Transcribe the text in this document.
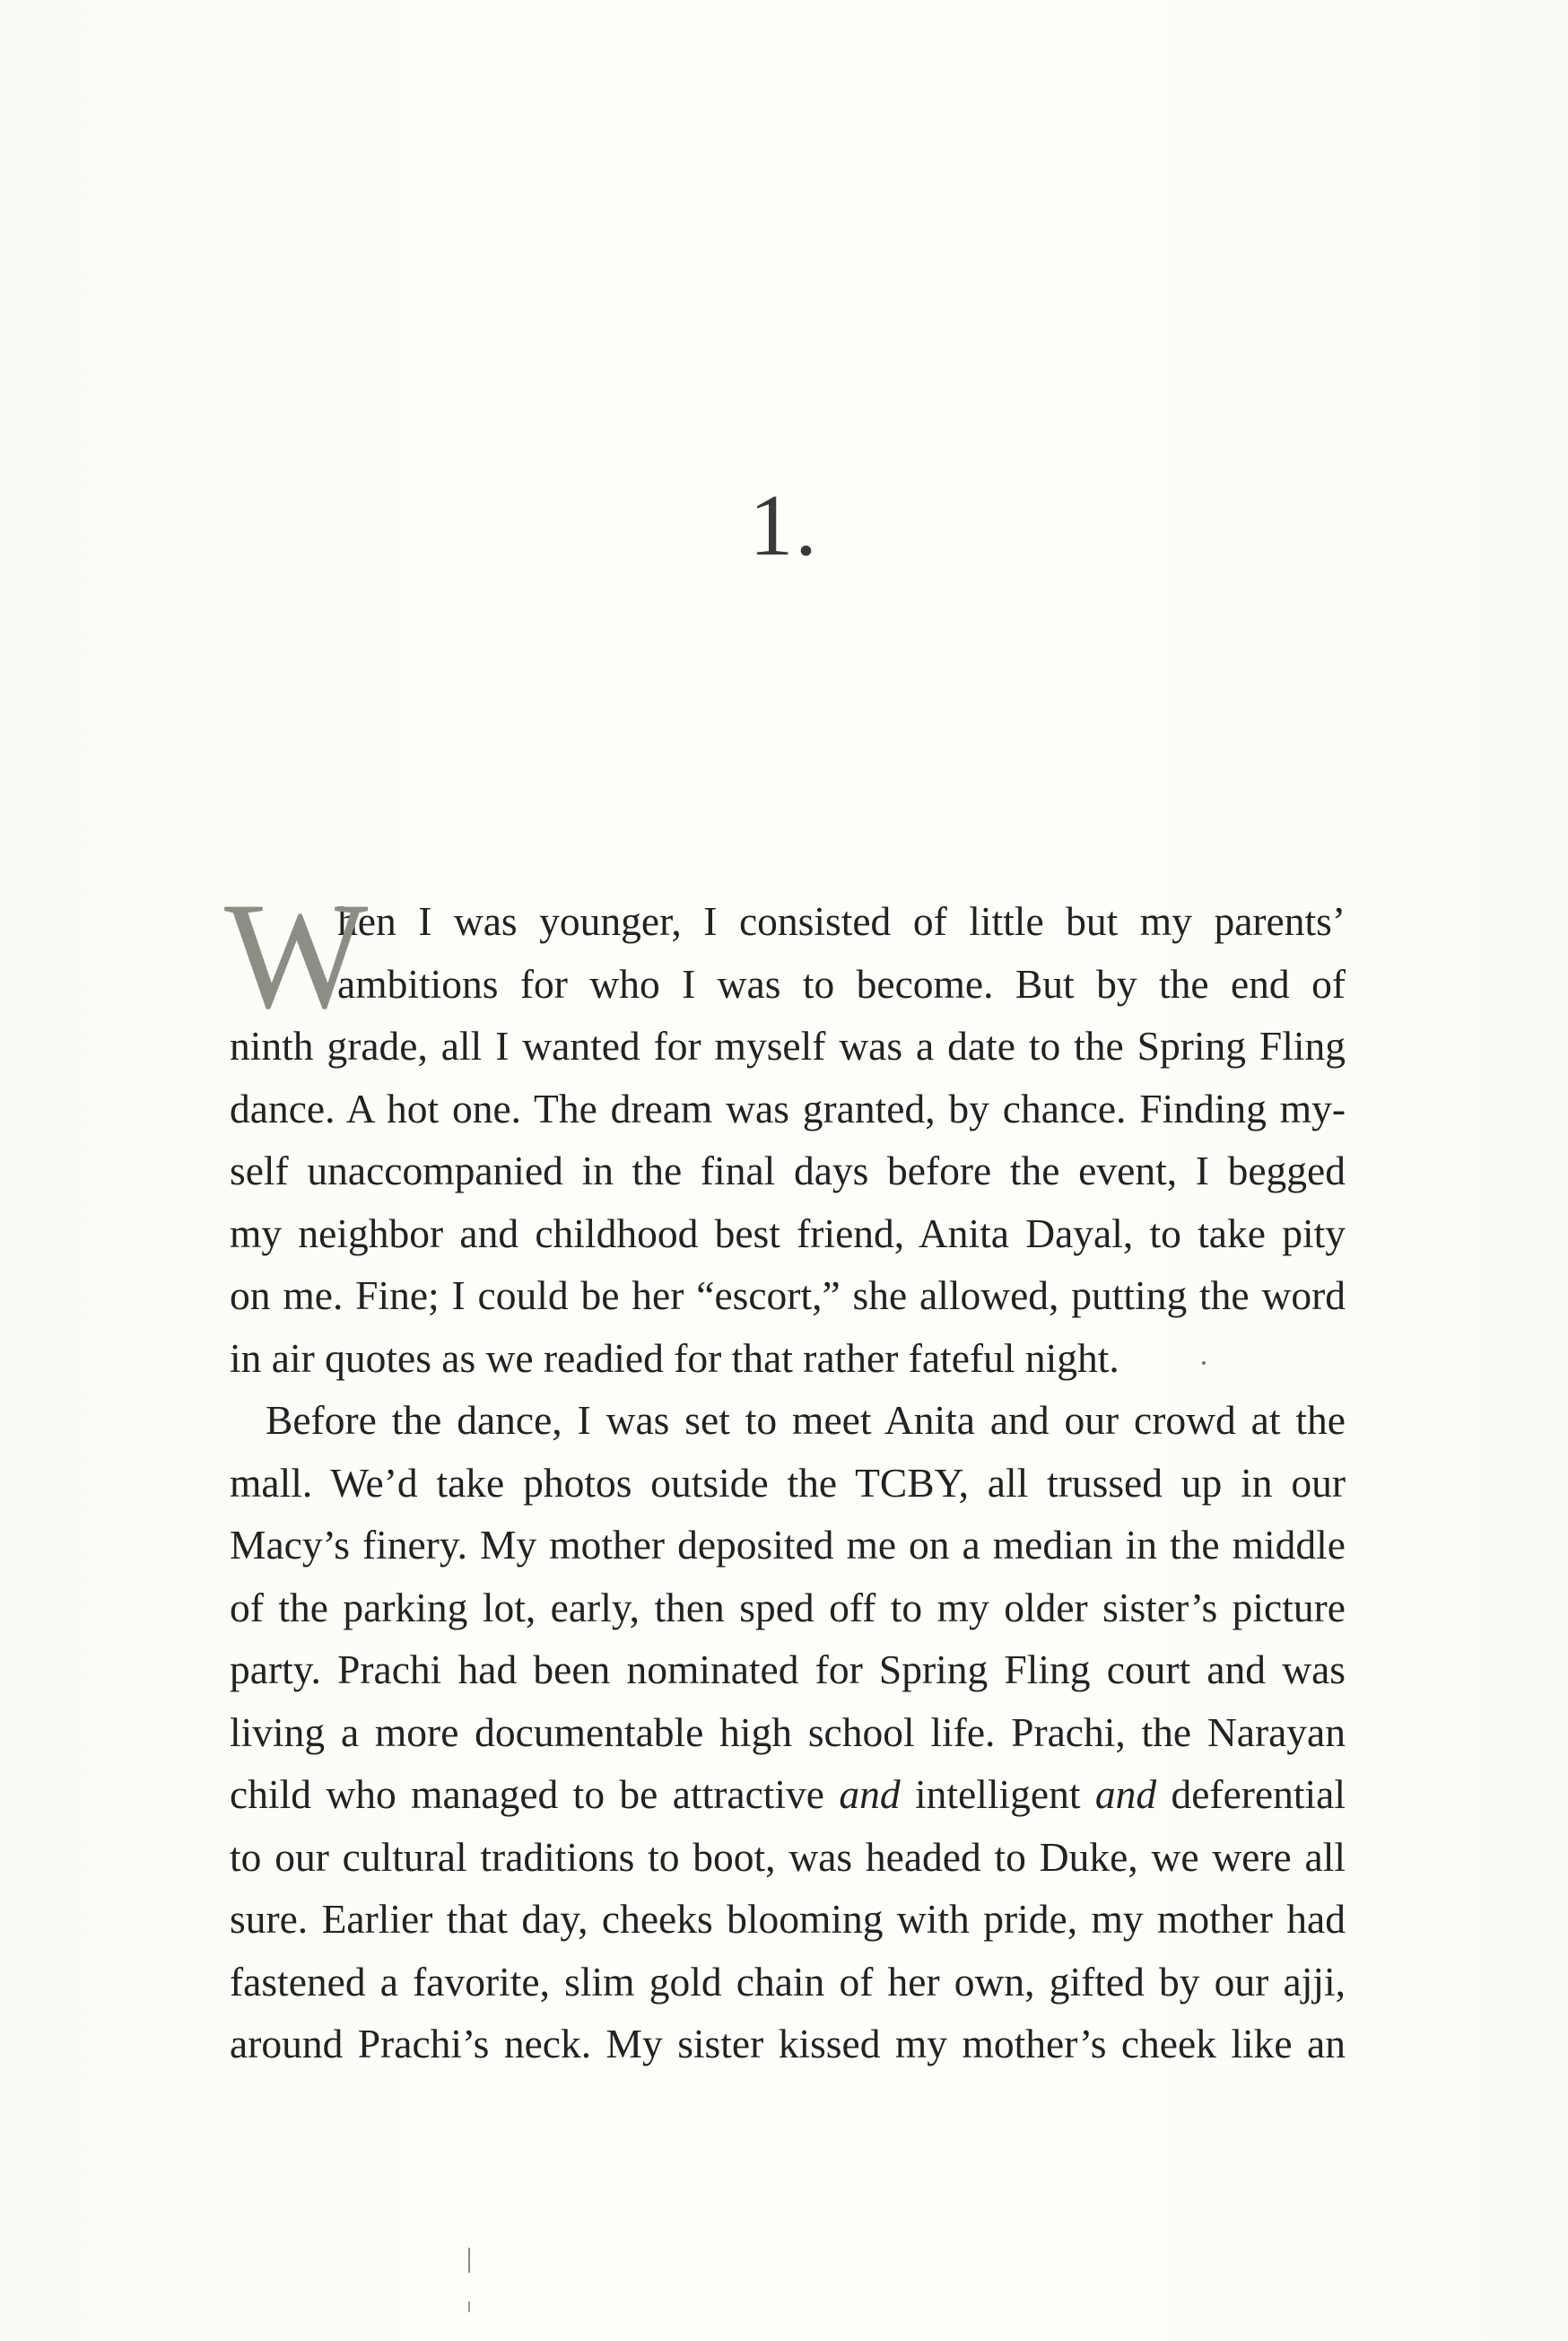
1.
W
hen I was younger, I consisted of little but my parents’
ambitions for who I was to become. But by the end of
ninth grade, all I wanted for myself was a date to the Spring Fling
dance. A hot one. The dream was granted, by chance. Finding my-
self unaccompanied in the final days before the event, I begged
my neighbor and childhood best friend, Anita Dayal, to take pity
on me. Fine; I could be her “escort,” she allowed, putting the word
in air quotes as we readied for that rather fateful night.
Before the dance, I was set to meet Anita and our crowd at the
mall. We’d take photos outside the TCBY, all trussed up in our
Macy’s finery. My mother deposited me on a median in the middle
of the parking lot, early, then sped off to my older sister’s picture
party. Prachi had been nominated for Spring Fling court and was
living a more documentable high school life. Prachi, the Narayan
child who managed to be attractive and intelligent and deferential
to our cultural traditions to boot, was headed to Duke, we were all
sure. Earlier that day, cheeks blooming with pride, my mother had
fastened a favorite, slim gold chain of her own, gifted by our ajji,
around Prachi’s neck. My sister kissed my mother’s cheek like an
